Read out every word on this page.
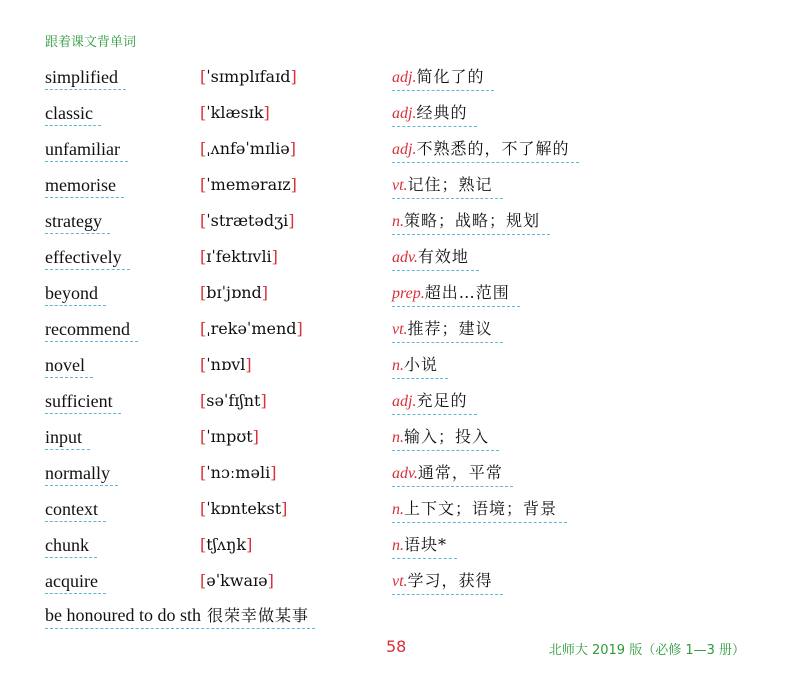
跟着课文背单词
simplified	[ˈsɪmplɪfaɪd]	adj.简化了的
classic	[ˈklæsɪk]	adj.经典的
unfamiliar	[ˌʌnfəˈmɪliə]	adj.不熟悉的，不了解的
memorise	[ˈmeməraɪz]	vt.记住；熟记
strategy	[ˈstrætədʒi]	n.策略；战略；规划
effectively	[ɪˈfektɪvli]	adv.有效地
beyond	[bɪˈjɒnd]	prep.超出…范围
recommend	[ˌrekəˈmend]	vt.推荐；建议
novel	[ˈnɒvl]	n.小说
sufficient	[səˈfɪʃnt]	adj.充足的
input	[ˈɪnpʊt]	n.输入；投入
normally	[ˈnɔːməli]	adv.通常，平常
context	[ˈkɒntekst]	n.上下文；语境；背景
chunk	[tʃʌŋk]	n.语块*
acquire	[əˈkwaɪə]	vt.学习，获得
be honoured to do sth 很荣幸做某事
58	北师大 2019 版（必修 1—3 册）
